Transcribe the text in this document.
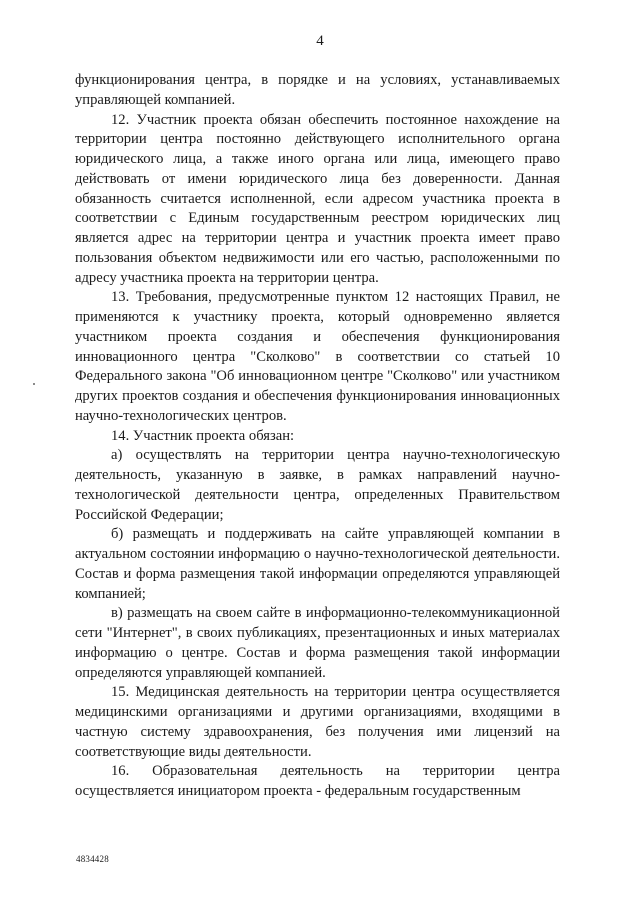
4

функционирования центра, в порядке и на условиях, устанавливаемых управляющей компанией.

12. Участник проекта обязан обеспечить постоянное нахождение на территории центра постоянно действующего исполнительного органа юридического лица, а также иного органа или лица, имеющего право действовать от имени юридического лица без доверенности. Данная обязанность считается исполненной, если адресом участника проекта в соответствии с Единым государственным реестром юридических лиц является адрес на территории центра и участник проекта имеет право пользования объектом недвижимости или его частью, расположенными по адресу участника проекта на территории центра.

13. Требования, предусмотренные пунктом 12 настоящих Правил, не применяются к участнику проекта, который одновременно является участником проекта создания и обеспечения функционирования инновационного центра "Сколково" в соответствии со статьей 10 Федерального закона "Об инновационном центре "Сколково" или участником других проектов создания и обеспечения функционирования инновационных научно-технологических центров.

14. Участник проекта обязан:

а) осуществлять на территории центра научно-технологическую деятельность, указанную в заявке, в рамках направлений научно-технологической деятельности центра, определенных Правительством Российской Федерации;

б) размещать и поддерживать на сайте управляющей компании в актуальном состоянии информацию о научно-технологической деятельности. Состав и форма размещения такой информации определяются управляющей компанией;

в) размещать на своем сайте в информационно-телекоммуникационной сети "Интернет", в своих публикациях, презентационных и иных материалах информацию о центре. Состав и форма размещения такой информации определяются управляющей компанией.

15. Медицинская деятельность на территории центра осуществляется медицинскими организациями и другими организациями, входящими в частную систему здравоохранения, без получения ими лицензий на соответствующие виды деятельности.

16. Образовательная деятельность на территории центра осуществляется инициатором проекта - федеральным государственным

4834428
